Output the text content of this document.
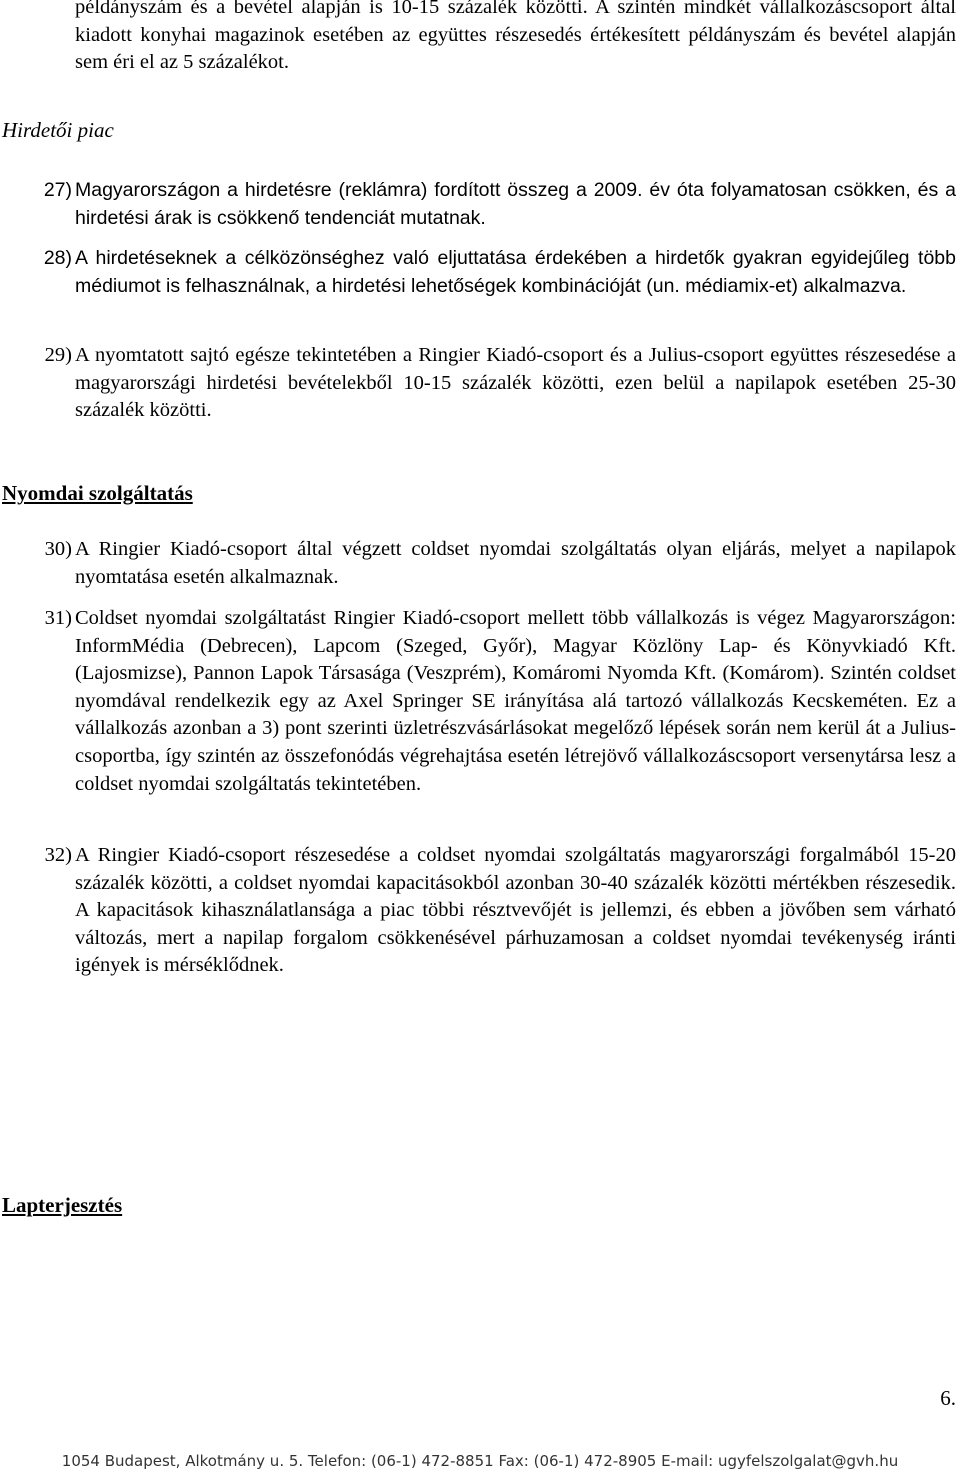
példányszám és a bevétel alapján is 10-15 százalék közötti. A szintén mindkét vállalkozáscsoport által kiadott konyhai magazinok esetében az együttes részesedés értékesített példányszám és bevétel alapján sem éri el az 5 százalékot.

Hirdetői piac
27) Magyarországon a hirdetésre (reklámra) fordított összeg a 2009. év óta folyamatosan csökken, és a hirdetési árak is csökkenő tendenciát mutatnak.
28) A hirdetéseknek a célközönséghez való eljuttatása érdekében a hirdetők gyakran egyidejűleg több médiumot is felhasználnak, a hirdetési lehetőségek kombinációját (un. médiamix-et) alkalmazva.
29) A nyomtatott sajtó egésze tekintetében a Ringier Kiadó-csoport és a Julius-csoport együttes részesedése a magyarországi hirdetési bevételekből 10-15 százalék közötti, ezen belül a napilapok esetében 25-30 százalék közötti.
Nyomdai szolgáltatás
30) A Ringier Kiadó-csoport által végzett coldset nyomdai szolgáltatás olyan eljárás, melyet a napilapok nyomtatása esetén alkalmaznak.
31) Coldset nyomdai szolgáltatást Ringier Kiadó-csoport mellett több vállalkozás is végez Magyarországon: InformMédia (Debrecen), Lapcom (Szeged, Győr), Magyar Közlöny Lap- és Könyvkiadó Kft. (Lajosmizse), Pannon Lapok Társasága (Veszprém), Komáromi Nyomda Kft. (Komárom). Szintén coldset nyomdával rendelkezik egy az Axel Springer SE irányítása alá tartozó vállalkozás Kecskeméten. Ez a vállalkozás azonban a 3) pont szerinti üzletrészvásárlásokat megelőző lépések során nem kerül át a Julius-csoportba, így szintén az összefonódás végrehajtása esetén létrejövő vállalkozáscsoport versenytársa lesz a coldset nyomdai szolgáltatás tekintetében.
32) A Ringier Kiadó-csoport részesedése a coldset nyomdai szolgáltatás magyarországi forgalmából 15-20 százalék közötti, a coldset nyomdai kapacitásokból azonban 30-40 százalék közötti mértékben részesedik. A kapacitások kihasználatlansága a piac többi résztvevőjét is jellemzi, és ebben a jövőben sem várható változás, mert a napilap forgalom csökkenésével párhuzamosan a coldset nyomdai tevékenység iránti igények is mérséklődnek.
Lapterjesztés
6.
1054 Budapest, Alkotmány u. 5. Telefon: (06-1) 472-8851 Fax: (06-1) 472-8905 E-mail: ugyfelszolgalat@gvh.hu
